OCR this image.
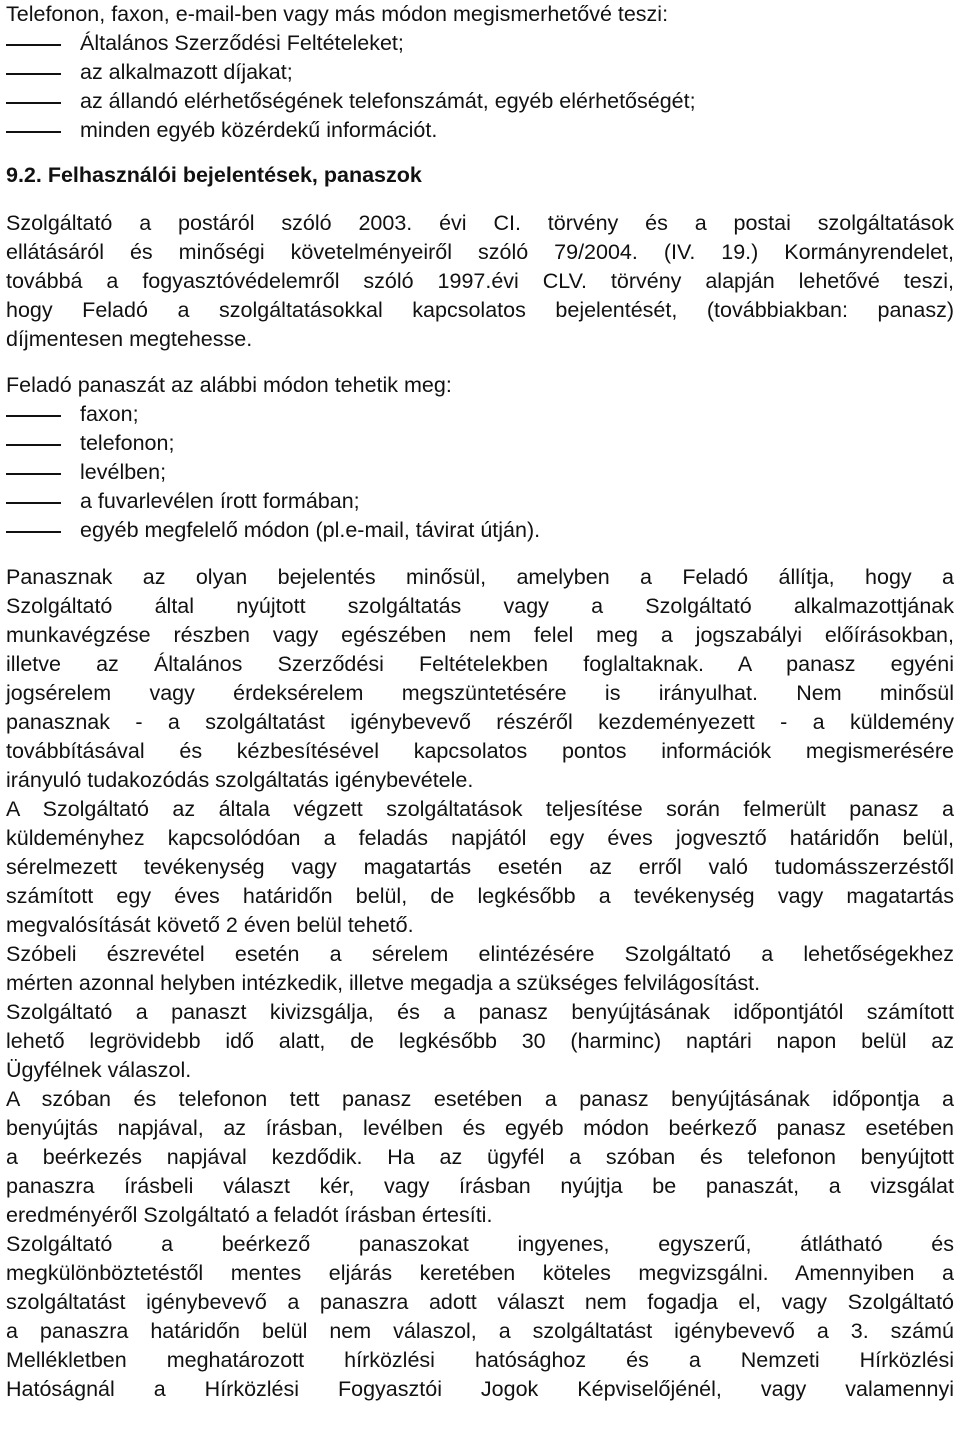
Telefonon, faxon, e-mail-ben vagy más módon megismerhetővé teszi:

Általános Szerződési Feltételeket;
az alkalmazott díjakat;
az állandó elérhetőségének telefonszámát, egyéb elérhetőségét;
minden egyéb közérdekű információt.

9.2. Felhasználói bejelentések, panaszok

Szolgáltató a postáról szóló 2003. évi CI. törvény és a postai szolgáltatások

ellátásáról és minőségi követelményeiről szóló 79/2004. (IV. 19.) Kormányrendelet,

továbbá a fogyasztóvédelemről szóló 1997.évi CLV. törvény alapján lehetővé teszi,

hogy Feladó a szolgáltatásokkal kapcsolatos bejelentését, (továbbiakban: panasz)

díjmentesen megtehesse.

Feladó panaszát az alábbi módon tehetik meg:

faxon;
telefonon;
levélben;
a fuvarlevélen írott formában;
egyéb megfelelő módon (pl.e-mail, távirat útján).

Panasznak az olyan bejelentés minősül, amelyben a Feladó állítja, hogy a

Szolgáltató által nyújtott szolgáltatás vagy a Szolgáltató alkalmazottjának

munkavégzése részben vagy egészében nem felel meg a jogszabályi előírásokban,

illetve az Általános Szerződési Feltételekben foglaltaknak. A panasz egyéni

jogsérelem vagy érdeksérelem megszüntetésére is irányulhat. Nem minősül

panasznak - a szolgáltatást igénybevevő részéről kezdeményezett - a küldemény

továbbításával és kézbesítésével kapcsolatos pontos információk megismerésére

irányuló tudakozódás szolgáltatás igénybevétele.

A Szolgáltató az általa végzett szolgáltatások teljesítése során felmerült panasz a

küldeményhez kapcsolódóan a feladás napjától egy éves jogvesztő határidőn belül,

sérelmezett tevékenység vagy magatartás esetén az erről való tudomásszerzéstől

számított egy éves határidőn belül, de legkésőbb a tevékenység vagy magatartás

megvalósítását követő 2 éven belül tehető.

Szóbeli észrevétel esetén a sérelem elintézésére Szolgáltató a lehetőségekhez

mérten azonnal helyben intézkedik, illetve megadja a szükséges felvilágosítást.

Szolgáltató a panaszt kivizsgálja, és a panasz benyújtásának időpontjától számított

lehető legrövidebb idő alatt, de legkésőbb 30 (harminc) naptári napon belül az

Ügyfélnek válaszol.

A szóban és telefonon tett panasz esetében a panasz benyújtásának időpontja a

benyújtás napjával, az írásban, levélben és egyéb módon beérkező panasz esetében

a beérkezés napjával kezdődik. Ha az ügyfél a szóban és telefonon benyújtott

panaszra írásbeli választ kér, vagy írásban nyújtja be panaszát, a vizsgálat

eredményéről Szolgáltató a feladót írásban értesíti.

Szolgáltató a beérkező panaszokat ingyenes, egyszerű, átlátható és

megkülönböztetéstől mentes eljárás keretében köteles megvizsgálni. Amennyiben a

szolgáltatást igénybevevő a panaszra adott választ nem fogadja el, vagy Szolgáltató

a panaszra határidőn belül nem válaszol, a szolgáltatást igénybevevő a 3. számú

Mellékletben meghatározott hírközlési hatósághoz és a Nemzeti Hírközlési

Hatóságnál a Hírközlési Fogyasztói Jogok Képviselőjénél, vagy valamennyi
